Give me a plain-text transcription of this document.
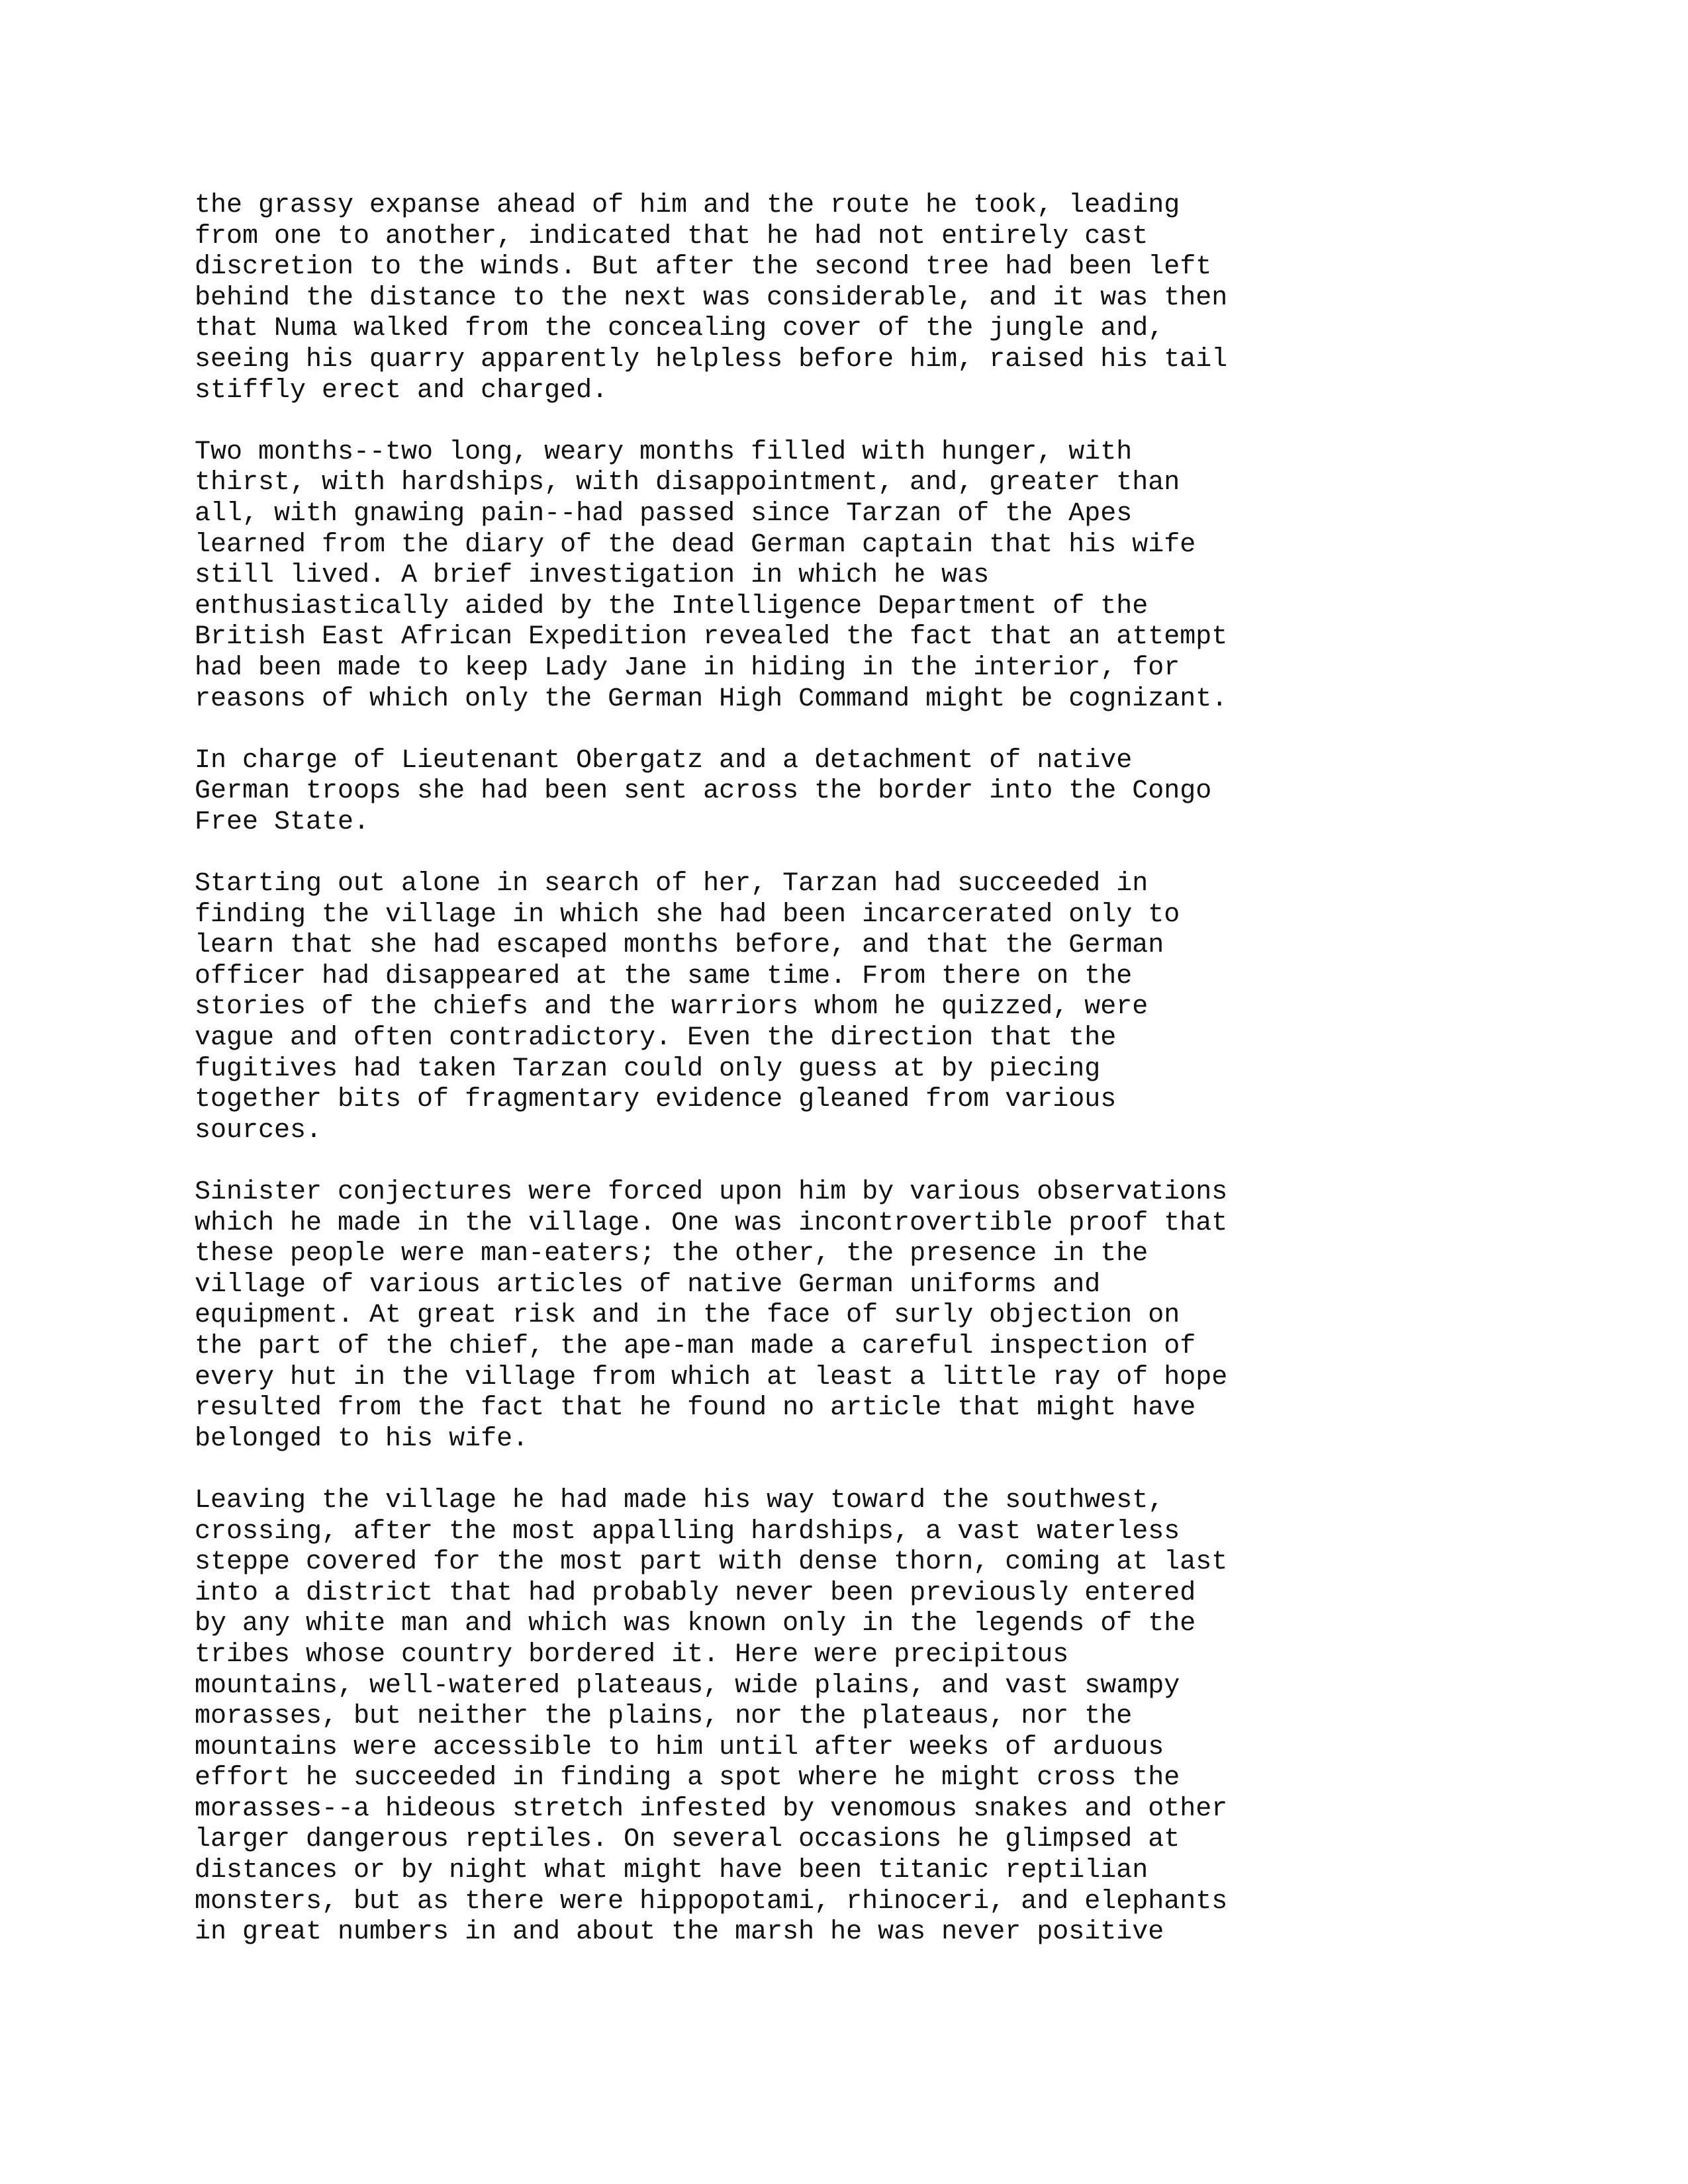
the grassy expanse ahead of him and the route he took, leading
from one to another, indicated that he had not entirely cast
discretion to the winds. But after the second tree had been left
behind the distance to the next was considerable, and it was then
that Numa walked from the concealing cover of the jungle and,
seeing his quarry apparently helpless before him, raised his tail
stiffly erect and charged.
Two months--two long, weary months filled with hunger, with
thirst, with hardships, with disappointment, and, greater than
all, with gnawing pain--had passed since Tarzan of the Apes
learned from the diary of the dead German captain that his wife
still lived. A brief investigation in which he was
enthusiastically aided by the Intelligence Department of the
British East African Expedition revealed the fact that an attempt
had been made to keep Lady Jane in hiding in the interior, for
reasons of which only the German High Command might be cognizant.
In charge of Lieutenant Obergatz and a detachment of native
German troops she had been sent across the border into the Congo
Free State.
Starting out alone in search of her, Tarzan had succeeded in
finding the village in which she had been incarcerated only to
learn that she had escaped months before, and that the German
officer had disappeared at the same time. From there on the
stories of the chiefs and the warriors whom he quizzed, were
vague and often contradictory. Even the direction that the
fugitives had taken Tarzan could only guess at by piecing
together bits of fragmentary evidence gleaned from various
sources.
Sinister conjectures were forced upon him by various observations
which he made in the village. One was incontrovertible proof that
these people were man-eaters; the other, the presence in the
village of various articles of native German uniforms and
equipment. At great risk and in the face of surly objection on
the part of the chief, the ape-man made a careful inspection of
every hut in the village from which at least a little ray of hope
resulted from the fact that he found no article that might have
belonged to his wife.
Leaving the village he had made his way toward the southwest,
crossing, after the most appalling hardships, a vast waterless
steppe covered for the most part with dense thorn, coming at last
into a district that had probably never been previously entered
by any white man and which was known only in the legends of the
tribes whose country bordered it. Here were precipitous
mountains, well-watered plateaus, wide plains, and vast swampy
morasses, but neither the plains, nor the plateaus, nor the
mountains were accessible to him until after weeks of arduous
effort he succeeded in finding a spot where he might cross the
morasses--a hideous stretch infested by venomous snakes and other
larger dangerous reptiles. On several occasions he glimpsed at
distances or by night what might have been titanic reptilian
monsters, but as there were hippopotami, rhinoceri, and elephants
in great numbers in and about the marsh he was never positive
